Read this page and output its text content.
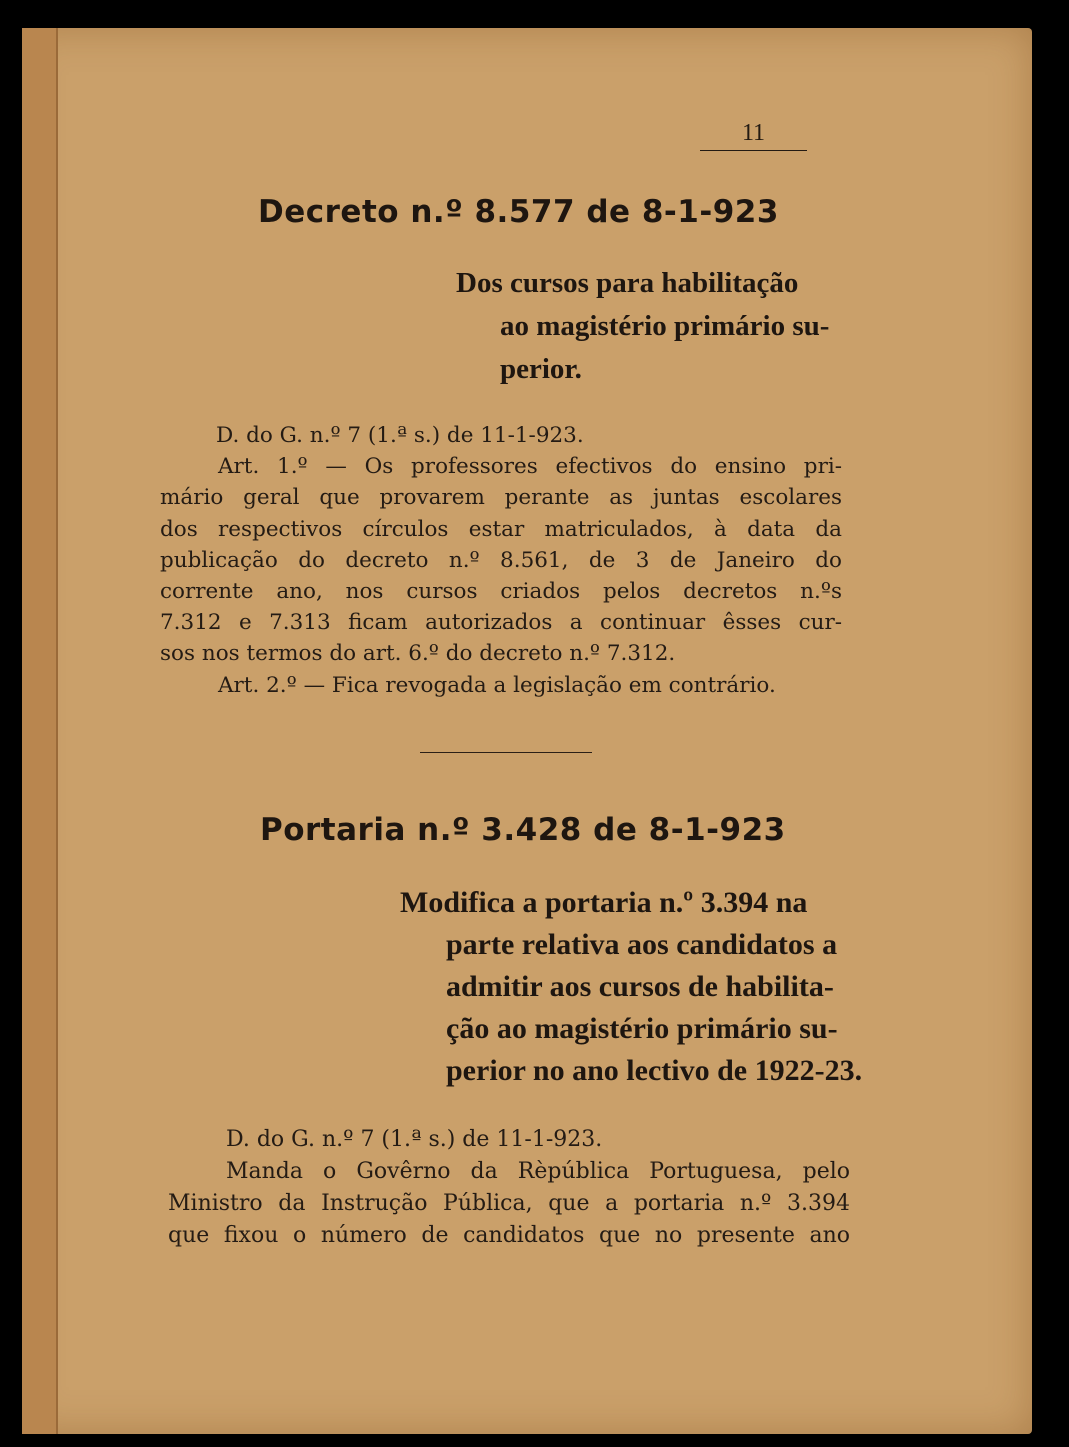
11
Decreto n.º 8.577 de 8-1-923
Dos cursos para habilitação
ao magistério primário su-
perior.
D. do G. n.º 7 (1.ª s.) de 11-1-923.
Art. 1.º — Os professores efectivos do ensino pri-
mário geral que provarem perante as juntas escolares
dos respectivos círculos estar matriculados, à data da
publicação do decreto n.º 8.561, de 3 de Janeiro do
corrente ano, nos cursos criados pelos decretos n.ºs
7.312 e 7.313 ficam autorizados a continuar êsses cur-
sos nos termos do art. 6.º do decreto n.º 7.312.
Art. 2.º — Fica revogada a legislação em contrário.
Portaria n.º 3.428 de 8-1-923
Modifica a portaria n.º 3.394 na
parte relativa aos candidatos a
admitir aos cursos de habilita-
ção ao magistério primário su-
perior no ano lectivo de 1922-23.
D. do G. n.º 7 (1.ª s.) de 11-1-923.
Manda o Govêrno da Rèpública Portuguesa, pelo
Ministro da Instrução Pública, que a portaria n.º 3.394
que fixou o número de candidatos que no presente ano
